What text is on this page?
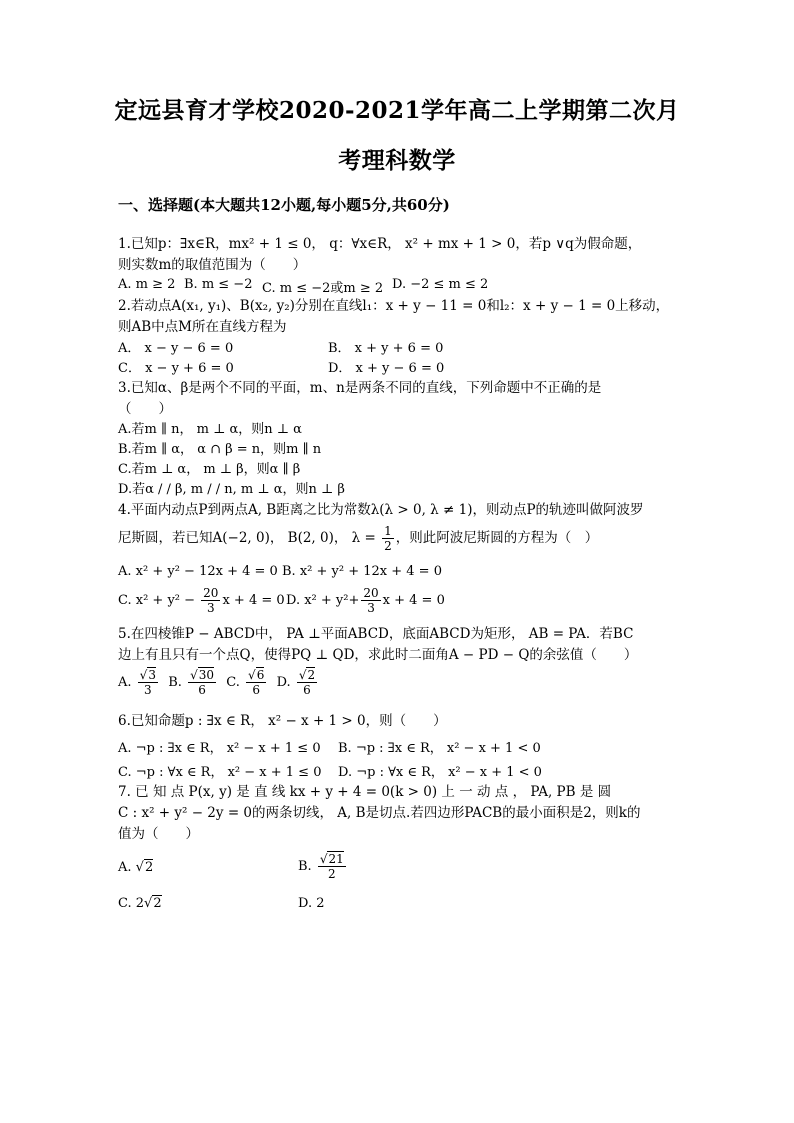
定远县育才学校2020-2021学年高二上学期第二次月
考理科数学
一、选择题(本大题共12小题,每小题5分,共60分)
1.已知p：∃x∈R，mx² + 1 ≤ 0， q：∀x∈R， x² + mx + 1 > 0，若p ∨q为假命题，
则实数m的取值范围为（　　）
A. m ≥ 2 B. m ≤ −2 C. m ≤ −2或m ≥ 2 D. −2 ≤ m ≤ 2
2.若动点A(x₁, y₁)、B(x₂, y₂)分别在直线l₁：x + y − 11 = 0和l₂：x + y − 1 = 0上移动，
则AB中点M所在直线方程为
A． x − y − 6 = 0	B． x + y + 6 = 0
C． x − y + 6 = 0	D． x + y − 6 = 0
3.已知α、β是两个不同的平面，m、n是两条不同的直线，下列命题中不正确的是
（　　）
A.若m ∥ n， m ⊥ α，则n ⊥ α
B.若m ∥ α， α ∩ β = n，则m ∥ n
C.若m ⊥ α， m ⊥ β，则α ∥ β
D.若α / / β, m / / n, m ⊥ α，则n ⊥ β
4.平面内动点P到两点A, B距离之比为常数λ(λ > 0, λ ≠ 1)，则动点P的轨迹叫做阿波罗
尼斯圆，若已知A(−2, 0)， B(2, 0)， $\lambda = \frac{1}{2}$ ，则此阿波尼斯圆的方程为（　）
A. x² + y² − 12x + 4 = 0 B. x² + y² + 12x + 4 = 0
C. $x^2 + y^2 - \frac{20}{3}$ x + 4 = 0 D. $x^2 + y^2+ \frac{20}{3}$ x + 4 = 0
5.在四棱锥P − ABCD中， PA ⊥平面ABCD，底面ABCD为矩形， AB = PA．若BC
边上有且只有一个点Q，使得PQ ⊥ QD，求此时二面角A − PD − Q的余弦值（　　）
A. $\frac{√3}{3} B$. $\frac{√30}{6} C$. $\frac{√6}{6} D$. $\frac{√2}{6}$
6.已知命题p : ∃x ∈ R， x² − x + 1 > 0，则（　　）
A. ¬p : ∃x ∈ R， x² − x + 1 ≤ 0 B. ¬p : ∃x ∈ R， x² − x + 1 < 0
C. ¬p : ∀x ∈ R， x² − x + 1 ≤ 0 D. ¬p : ∀x ∈ R， x² − x + 1 < 0
7. 已 知 点 P(x, y) 是 直 线 kx + y + 4 = 0(k > 0) 上 一 动 点 ， PA, PB 是 圆
C : x² + y² − 2y = 0的两条切线， A, B是切点.若四边形PACB的最小面积是2，则k的
值为（　　）
A. √2	B. $\frac{√21}{2}$
C. 2√2	D. 2
